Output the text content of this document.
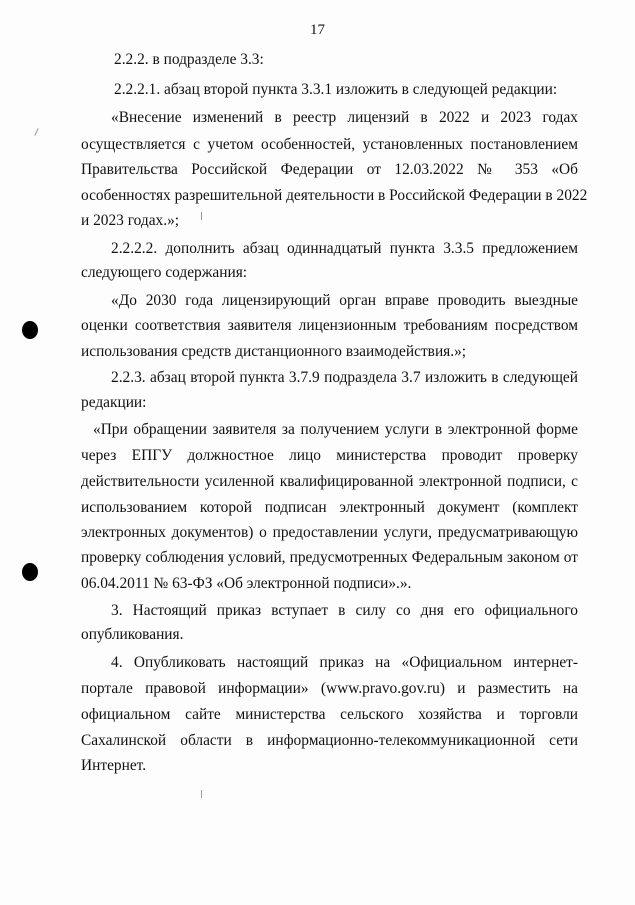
17
2.2.2. в подразделе 3.3:
2.2.2.1. абзац второй пункта 3.3.1 изложить в следующей редакции:
«Внесение изменений в реестр лицензий в 2022 и 2023 годах
осуществляется с учетом особенностей, установленных постановлением
Правительства Российской Федерации от 12.03.2022 № 353 «Об
особенностях разрешительной деятельности в Российской Федерации в 2022
и 2023 годах.»;
2.2.2.2. дополнить абзац одиннадцатый пункта 3.3.5 предложением
следующего содержания:
«До 2030 года лицензирующий орган вправе проводить выездные
оценки соответствия заявителя лицензионным требованиям посредством
использования средств дистанционного взаимодействия.»;
2.2.3. абзац второй пункта 3.7.9 подраздела 3.7 изложить в следующей
редакции:
«При обращении заявителя за получением услуги в электронной форме
через ЕПГУ должностное лицо министерства проводит проверку
действительности усиленной квалифицированной электронной подписи, с
использованием которой подписан электронный документ (комплект
электронных документов) о предоставлении услуги, предусматривающую
проверку соблюдения условий, предусмотренных Федеральным законом от
06.04.2011 № 63-ФЗ «Об электронной подписи».».
3. Настоящий приказ вступает в силу со дня его официального
опубликования.
4. Опубликовать настоящий приказ на «Официальном интернет-
портале правовой информации» (www.pravo.gov.ru) и разместить на
официальном сайте министерства сельского хозяйства и торговли
Сахалинской области в информационно-телекоммуникационной сети
Интернет.
